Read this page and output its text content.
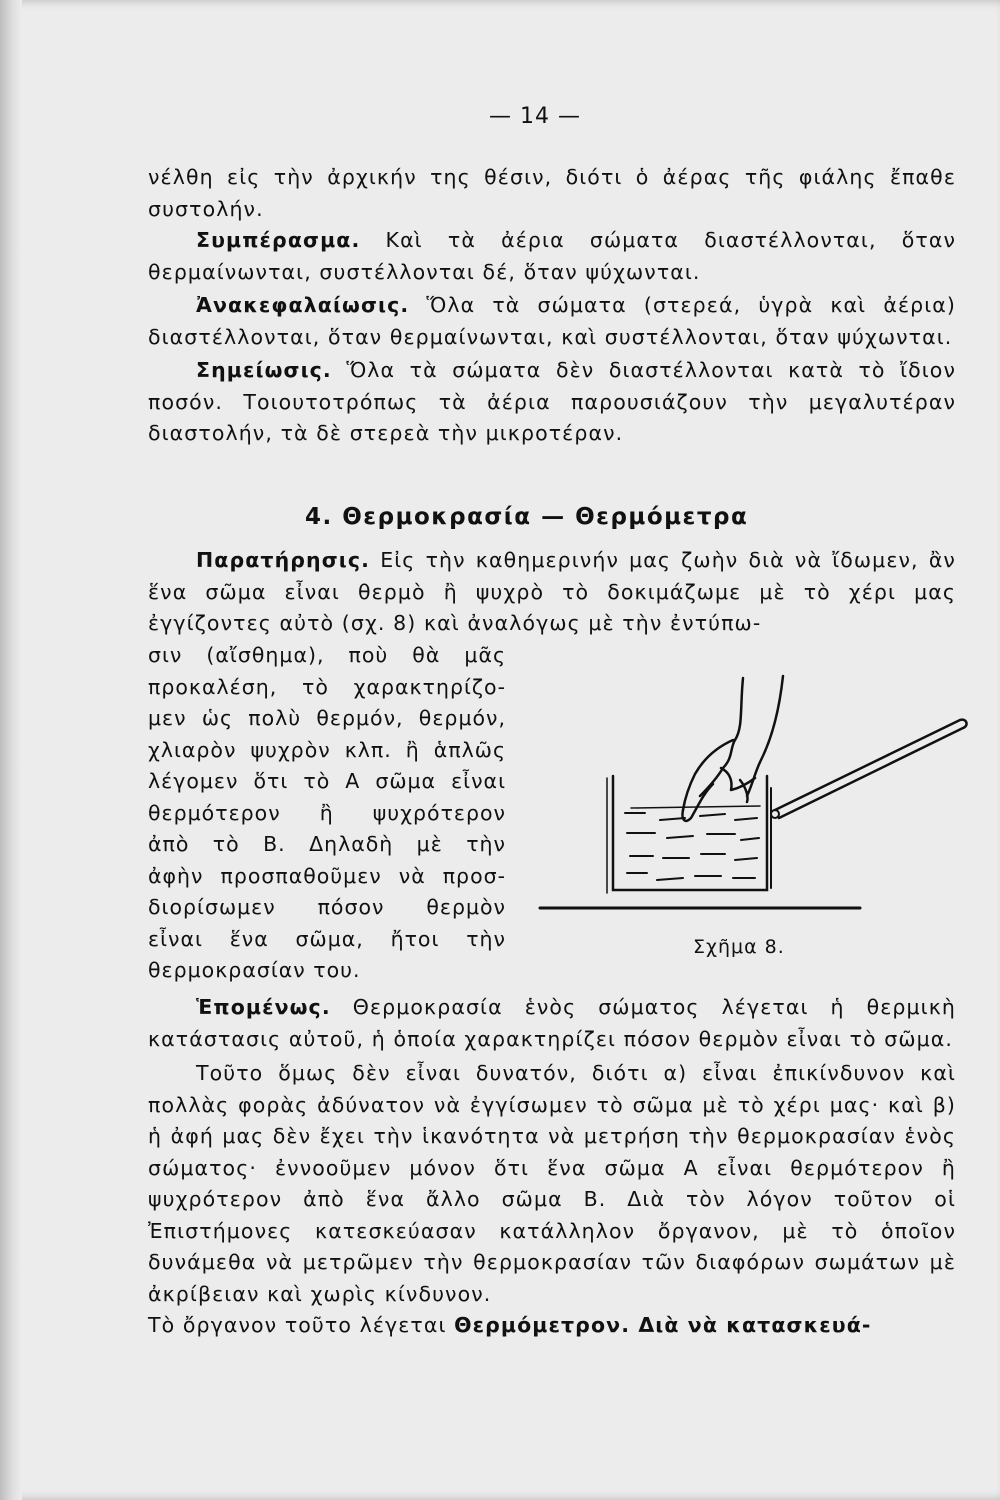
— 14 —

νέλθη εἰς τὴν ἀρχικήν της θέσιν, διότι ὁ ἀέρας τῆς φιάλης ἔπαθε συστολήν.

Συμπέρασμα. Καὶ τὰ ἀέρια σώματα διαστέλλονται, ὅταν θερμαίνωνται, συστέλλονται δέ, ὅταν ψύχωνται.

Ἀνακεφαλαίωσις. Ὅλα τὰ σώματα (στερεά, ὑγρὰ καὶ ἀέρια) διαστέλλονται, ὅταν θερμαίνωνται, καὶ συστέλλονται, ὅταν ψύχωνται.

Σημείωσις. Ὅλα τὰ σώματα δὲν διαστέλλονται κατὰ τὸ ἴδιον ποσόν. Τοιουτοτρόπως τὰ ἀέρια παρουσιάζουν τὴν μεγαλυτέραν διαστολήν, τὰ δὲ στερεὰ τὴν μικροτέραν.

4. Θερμοκρασία — Θερμόμετρα

Παρατήρησις. Εἰς τὴν καθημερινήν μας ζωὴν διὰ νὰ ἴδωμεν, ἂν ἕνα σῶμα εἶναι θερμὸ ἢ ψυχρὸ τὸ δοκιμάζωμε μὲ τὸ χέρι μας ἐγγίζοντες αὐτὸ (σχ. 8) καὶ ἀναλόγως μὲ τὴν ἐντύπω-

σιν (αἴσθημα), ποὺ θὰ μᾶς
προκαλέση, τὸ χαρακτηρίζο-
μεν ὡς πολὺ θερμόν, θερμόν,
χλιαρὸν ψυχρὸν κλπ. ἢ ἁπλῶς
λέγομεν ὅτι τὸ Α σῶμα εἶναι
θερμότερον ἢ ψυχρότερον
ἀπὸ τὸ Β. Δηλαδὴ μὲ τὴν
ἀφὴν προσπαθοῦμεν νὰ προσ-
διορίσωμεν πόσον θερμὸν
εἶναι ἕνα σῶμα, ἤτοι τὴν
θερμοκρασίαν του.
Σχῆμα 8.

Ἑπομένως. Θερμοκρασία ἑνὸς σώματος λέγεται ἡ θερμικὴ κατάστασις αὐτοῦ, ἡ ὁποία χαρακτηρίζει πόσον θερμὸν εἶναι τὸ σῶμα.

Τοῦτο ὅμως δὲν εἶναι δυνατόν, διότι α) εἶναι ἐπικίνδυνον καὶ πολλὰς φορὰς ἀδύνατον νὰ ἐγγίσωμεν τὸ σῶμα μὲ τὸ χέρι μας· καὶ β) ἡ ἀφή μας δὲν ἔχει τὴν ἱκανότητα νὰ μετρήση τὴν θερμοκρασίαν ἑνὸς σώματος· ἐννοοῦμεν μόνον ὅτι ἕνα σῶμα Α εἶναι θερμότερον ἢ ψυχρότερον ἀπὸ ἕνα ἄλλο σῶμα Β. Διὰ τὸν λόγον τοῦτον οἱ Ἐπιστήμονες κατεσκεύασαν κατάλληλον ὄργανον, μὲ τὸ ὁποῖον δυνάμεθα νὰ μετρῶμεν τὴν θερμοκρασίαν τῶν διαφόρων σωμάτων μὲ ἀκρίβειαν καὶ χωρὶς κίνδυνον.

Τὸ ὄργανον τοῦτο λέγεται Θερμόμετρον. Διὰ νὰ κατασκευά-
